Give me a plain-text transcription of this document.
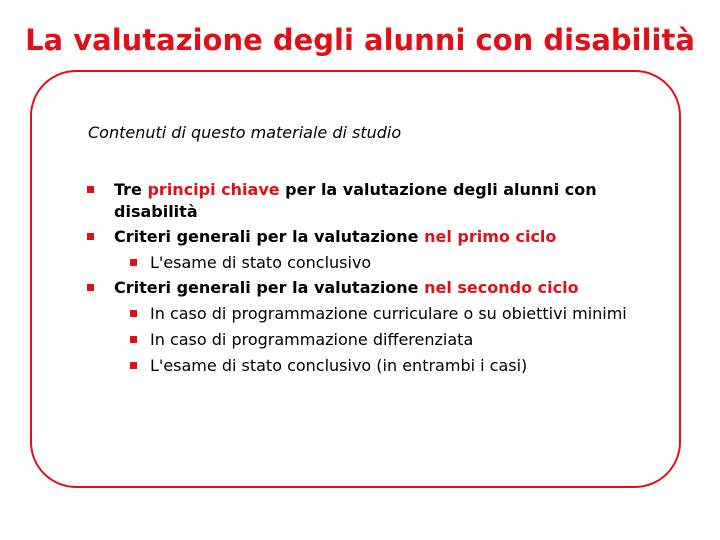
La valutazione degli alunni con disabilità
Contenuti di questo materiale di studio
Tre principi chiave per la valutazione degli alunni con disabilità
Criteri generali per la valutazione nel primo ciclo
L'esame di stato conclusivo
Criteri generali per la valutazione nel secondo ciclo
In caso di programmazione curriculare o su obiettivi minimi
In caso di programmazione differenziata
L'esame di stato conclusivo (in entrambi i casi)
